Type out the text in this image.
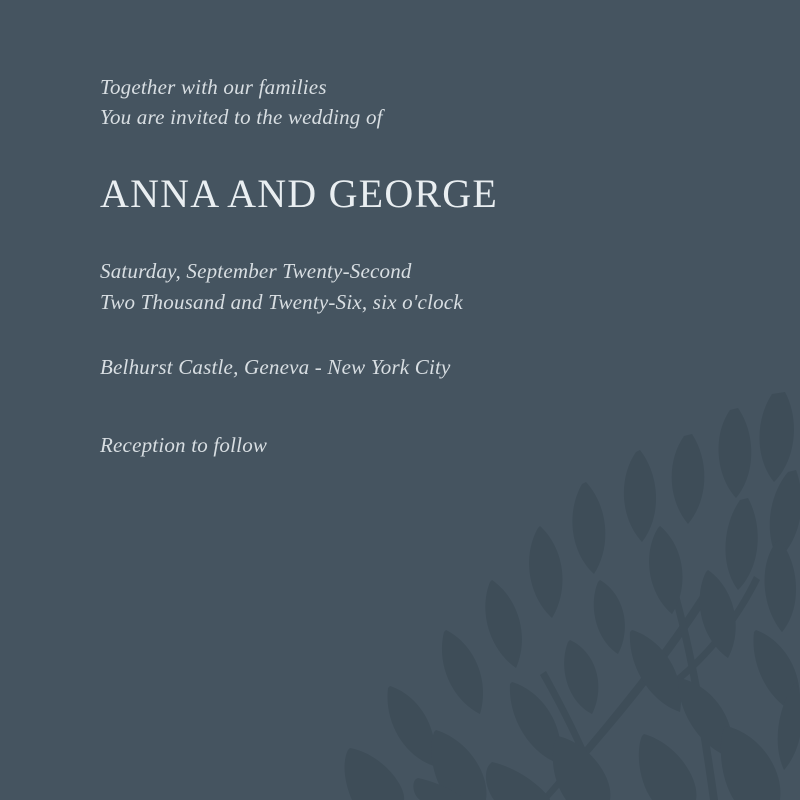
Together with our families
You are invited to the wedding of
ANNA AND GEORGE
Saturday, September Twenty-Second
Two Thousand and Twenty-Six, six o'clock
Belhurst Castle, Geneva - New York City
Reception to follow
